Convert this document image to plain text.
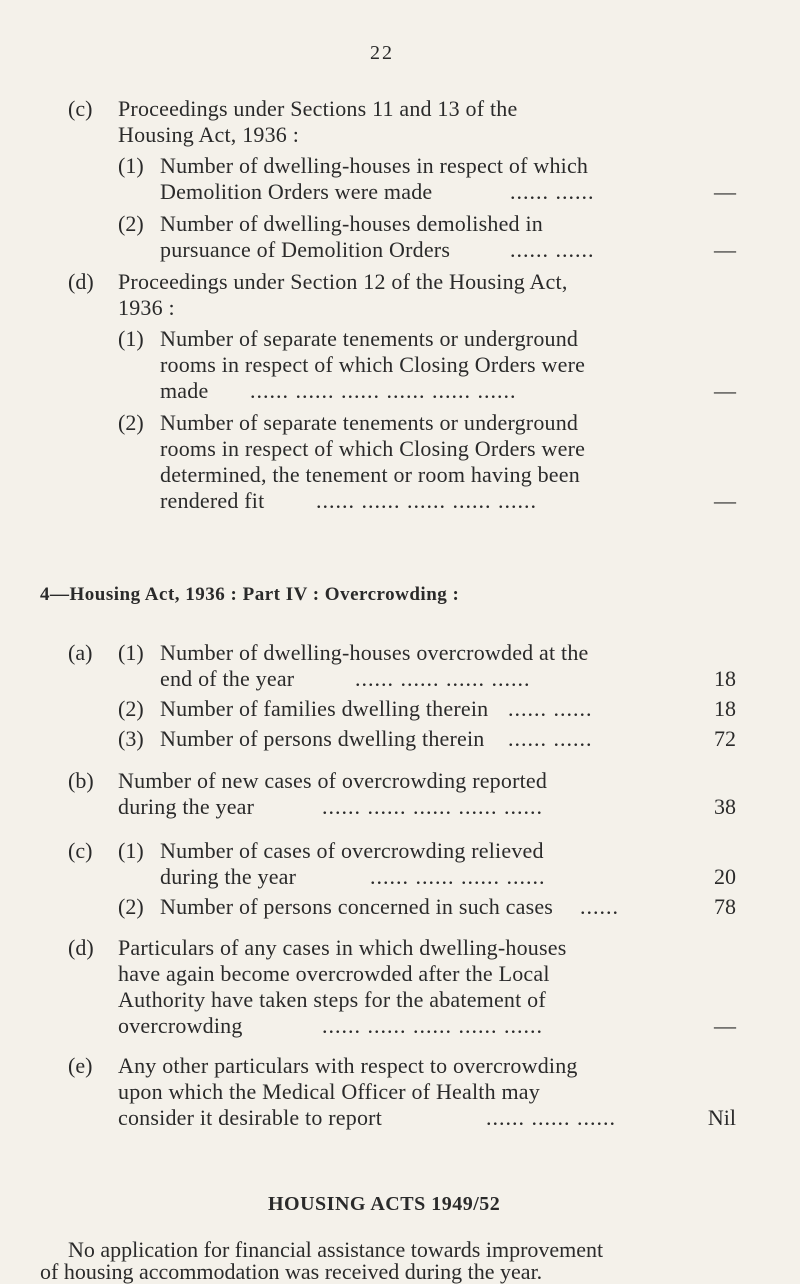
22
(c) Proceedings under Sections 11 and 13 of the
Housing Act, 1936 :
(1) Number of dwelling-houses in respect of which
Demolition Orders were made	...... ......	—
(2) Number of dwelling-houses demolished in
pursuance of Demolition Orders	...... ......	—
(d) Proceedings under Section 12 of the Housing Act,
1936 :
(1) Number of separate tenements or underground
rooms in respect of which Closing Orders were
made ...... ...... ...... ...... ...... ......	—
(2) Number of separate tenements or underground
rooms in respect of which Closing Orders were
determined, the tenement or room having been
rendered fit ...... ...... ...... ...... ......	—
4—Housing Act, 1936 : Part IV : Overcrowding :
(a) (1) Number of dwelling-houses overcrowded at the
end of the year	...... ...... ...... ......	18
(2) Number of families dwelling therein ...... ......	18
(3) Number of persons dwelling therein ...... ......	72
(b) Number of new cases of overcrowding reported
during the year	...... ...... ...... ...... ......	38
(c) (1) Number of cases of overcrowding relieved
during the year	...... ...... ...... ......	20
(2) Number of persons concerned in such cases ......	78
(d) Particulars of any cases in which dwelling-houses
have again become overcrowded after the Local
Authority have taken steps for the abatement of
overcrowding	...... ...... ...... ...... ......	—
(e) Any other particulars with respect to overcrowding
upon which the Medical Officer of Health may
consider it desirable to report	...... ...... ......	Nil
HOUSING ACTS 1949/52
No application for financial assistance towards improvement
of housing accommodation was received during the year.
